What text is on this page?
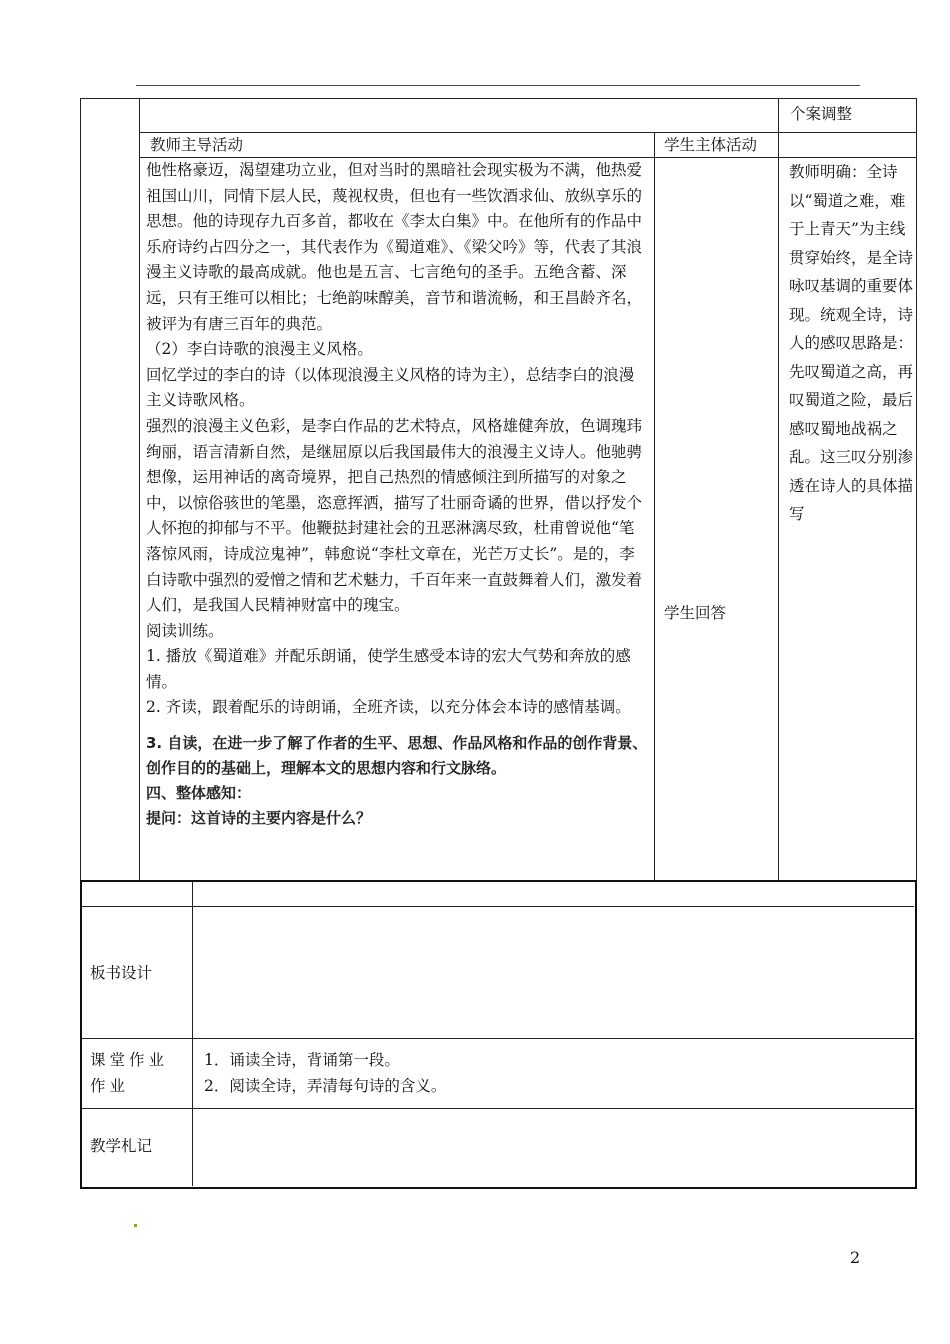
个案调整
教师主导活动	学生主体活动

他性格豪迈，渴望建功立业，但对当时的黑暗社会现实极为不满，他热爱祖国山川，同情下层人民，蔑视权贵，但也有一些饮酒求仙、放纵享乐的思想。他的诗现存九百多首，都收在《李太白集》中。在他所有的作品中乐府诗约占四分之一，其代表作为《蜀道难》、《梁父吟》等，代表了其浪漫主义诗歌的最高成就。他也是五言、七言绝句的圣手。五绝含蓄、深远，只有王维可以相比；七绝韵味醇美，音节和谐流畅，和王昌龄齐名，被评为有唐三百年的典范。

（2）李白诗歌的浪漫主义风格。

回忆学过的李白的诗（以体现浪漫主义风格的诗为主），总结李白的浪漫主义诗歌风格。

强烈的浪漫主义色彩，是李白作品的艺术特点，风格雄健奔放，色调瑰玮绚丽，语言清新自然，是继屈原以后我国最伟大的浪漫主义诗人。他驰骋想像，运用神话的离奇境界，把自己热烈的情感倾注到所描写的对象之中，以惊俗骇世的笔墨，恣意挥洒，描写了壮丽奇谲的世界，借以抒发个人怀抱的抑郁与不平。他鞭挞封建社会的丑恶淋漓尽致，杜甫曾说他“笔落惊风雨，诗成泣鬼神”，韩愈说“李杜文章在，光芒万丈长”。是的，李白诗歌中强烈的爱憎之情和艺术魅力，千百年来一直鼓舞着人们，激发着人们，是我国人民精神财富中的瑰宝。

阅读训练。

1. 播放《蜀道难》并配乐朗诵，使学生感受本诗的宏大气势和奔放的感情。

2. 齐读，跟着配乐的诗朗诵，全班齐读，以充分体会本诗的感情基调。

3. 自读，在进一步了解了作者的生平、思想、作品风格和作品的创作背景、创作目的的基础上，理解本文的思想内容和行文脉络。

四、整体感知：

提问：这首诗的主要内容是什么？

学生回答
教师明确：全诗以“蜀道之难，难于上青天”为主线贯穿始终，是全诗咏叹基调的重要体现。统观全诗，诗人的感叹思路是：先叹蜀道之高，再叹蜀道之险，最后感叹蜀地战祸之乱。这三叹分别渗透在诗人的具体描写
板书设计
课堂作业作业
1．诵读全诗，背诵第一段。
2．阅读全诗，弄清每句诗的含义。
教学札记
2
